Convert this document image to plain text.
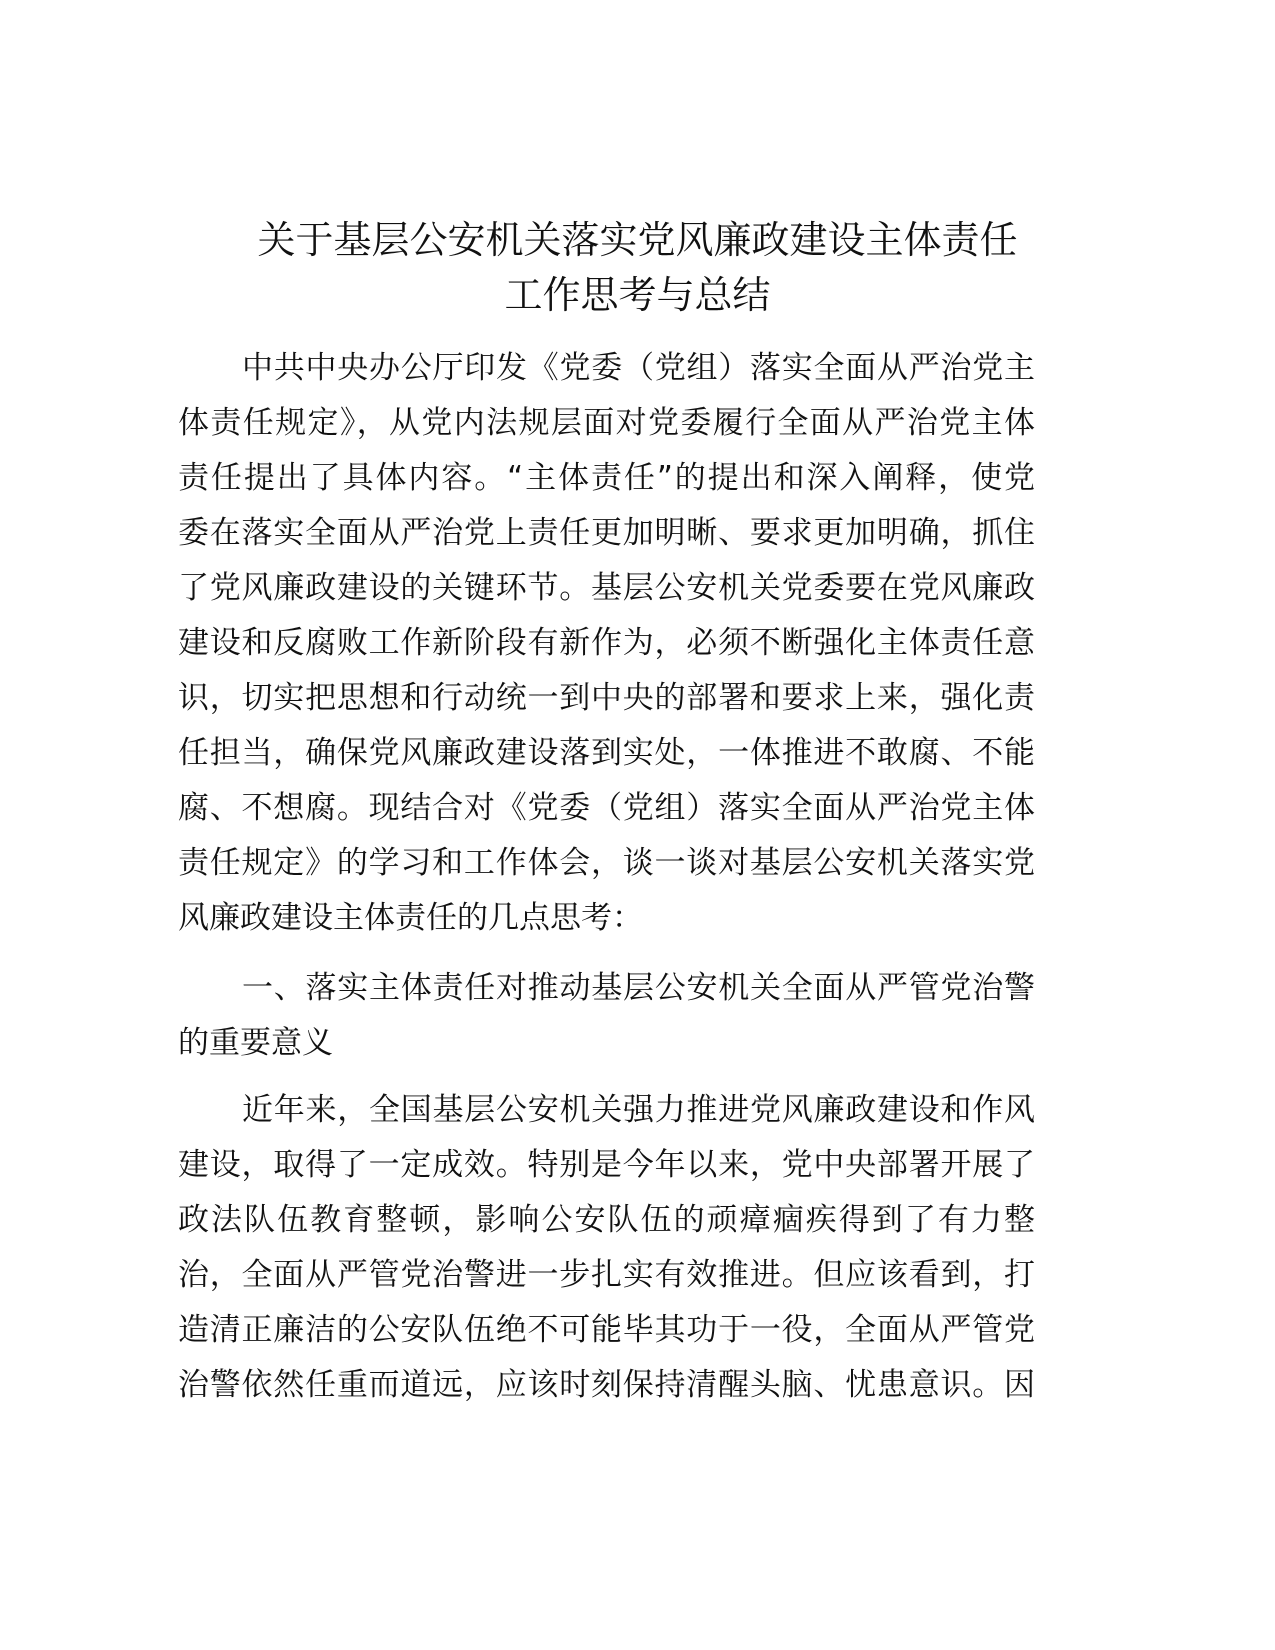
关于基层公安机关落实党风廉政建设主体责任
工作思考与总结
中共中央办公厅印发《党委（党组）落实全面从严治党主
体责任规定》，从党内法规层面对党委履行全面从严治党主体
责任提出了具体内容。“主体责任”的提出和深入阐释，使党
委在落实全面从严治党上责任更加明晰、要求更加明确，抓住
了党风廉政建设的关键环节。基层公安机关党委要在党风廉政
建设和反腐败工作新阶段有新作为，必须不断强化主体责任意
识，切实把思想和行动统一到中央的部署和要求上来，强化责
任担当，确保党风廉政建设落到实处，一体推进不敢腐、不能
腐、不想腐。现结合对《党委（党组）落实全面从严治党主体
责任规定》的学习和工作体会，谈一谈对基层公安机关落实党
风廉政建设主体责任的几点思考：
一、落实主体责任对推动基层公安机关全面从严管党治警
的重要意义
近年来，全国基层公安机关强力推进党风廉政建设和作风
建设，取得了一定成效。特别是今年以来，党中央部署开展了
政法队伍教育整顿，影响公安队伍的顽瘴痼疾得到了有力整
治，全面从严管党治警进一步扎实有效推进。但应该看到，打
造清正廉洁的公安队伍绝不可能毕其功于一役，全面从严管党
治警依然任重而道远，应该时刻保持清醒头脑、忧患意识。因
